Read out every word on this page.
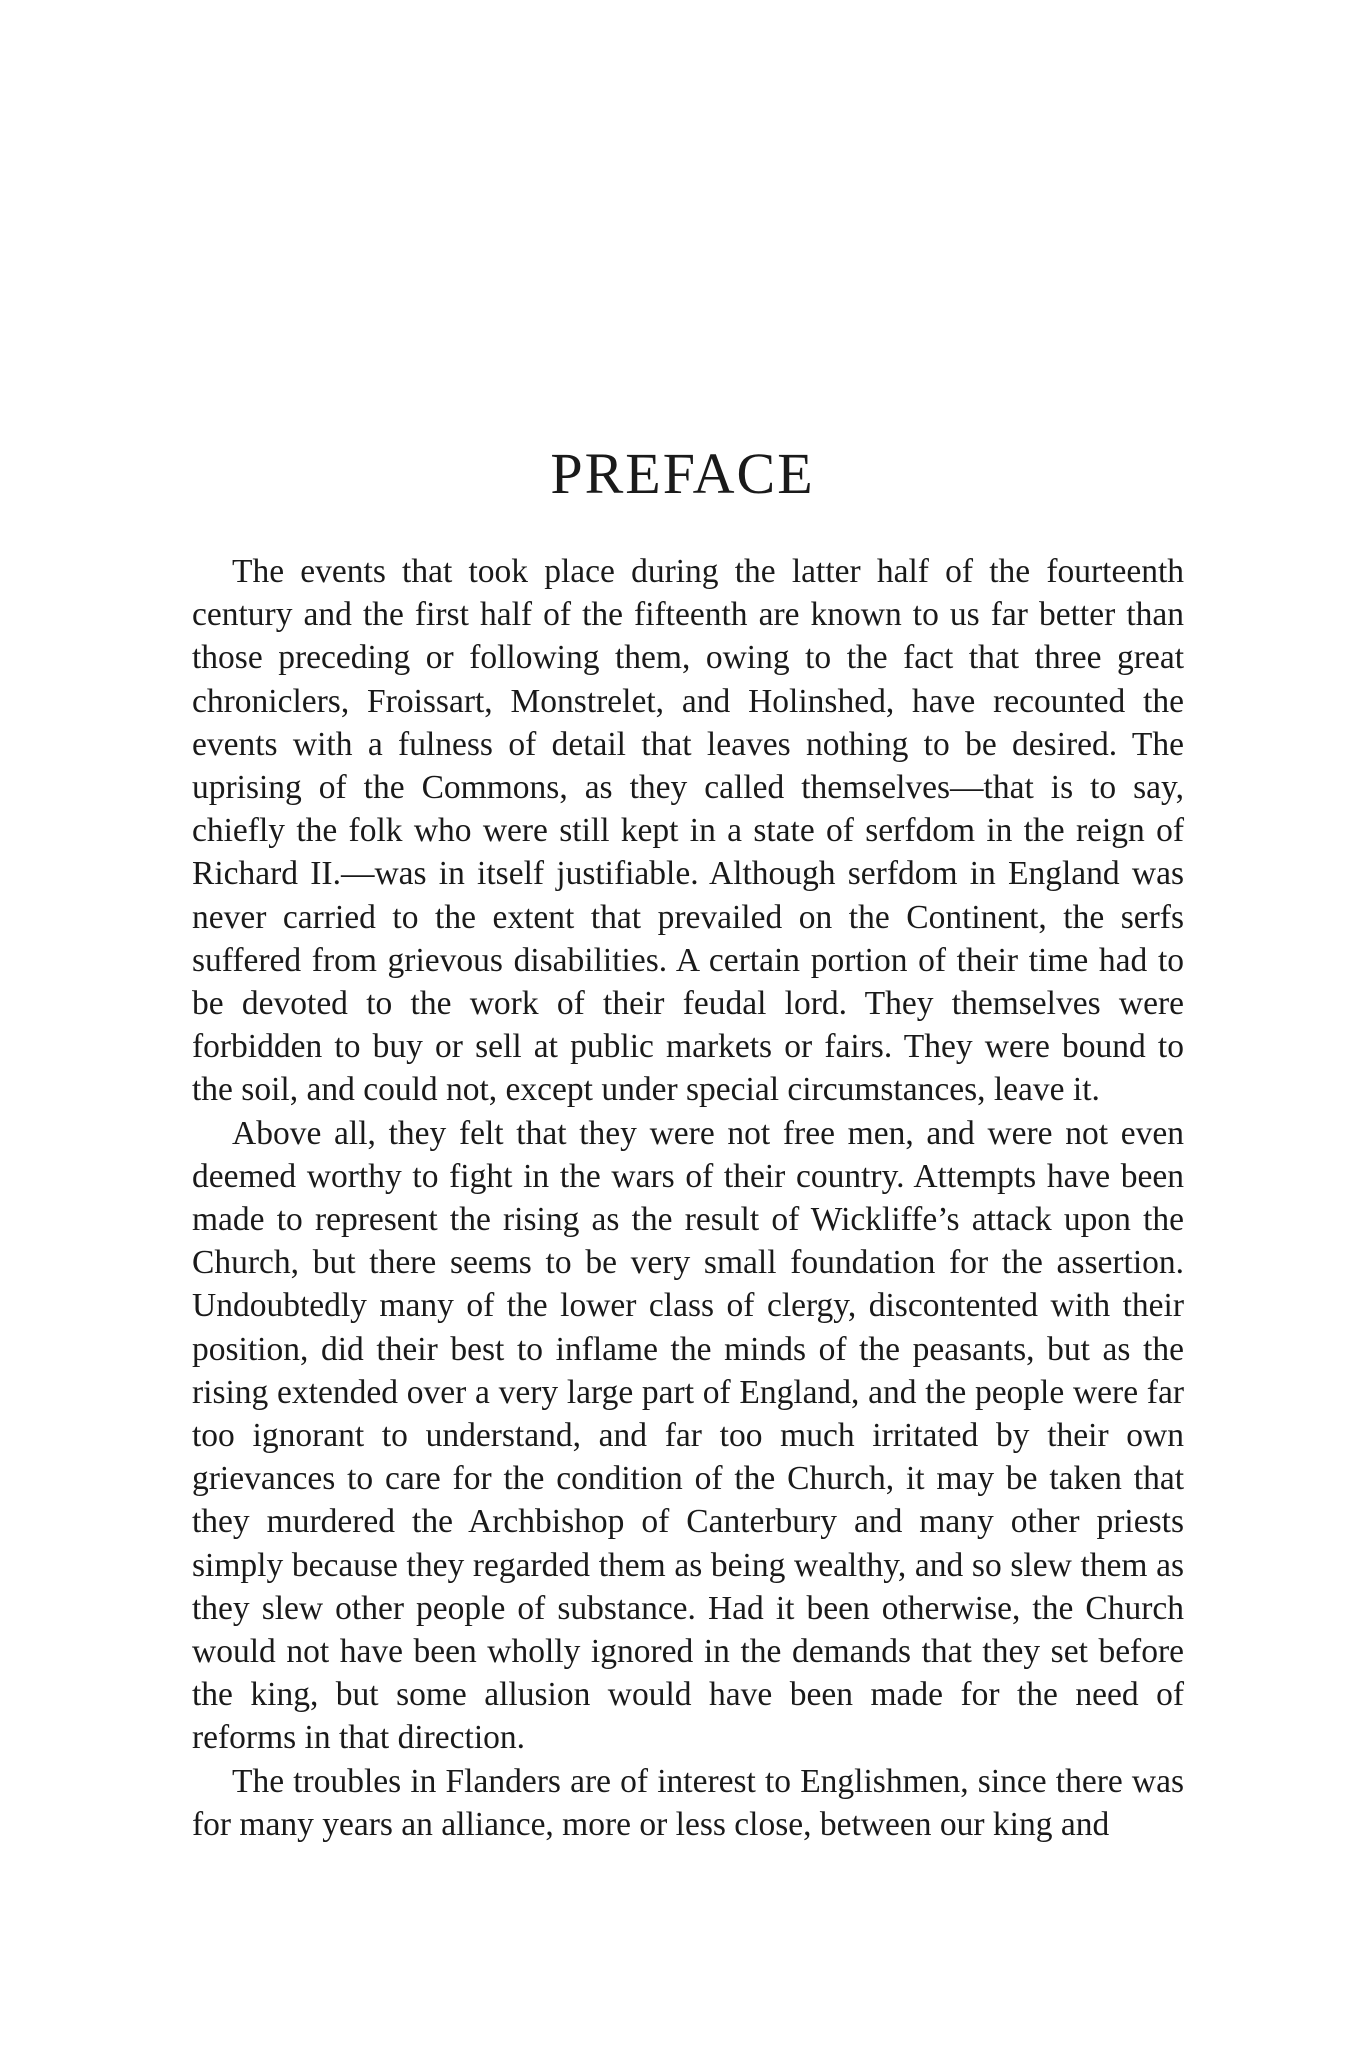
PREFACE

The events that took place during the latter half of the fourteenth century and the first half of the fifteenth are known to us far better than those preceding or following them, owing to the fact that three great chroniclers, Froissart, Monstrelet, and Holinshed, have recounted the events with a fulness of detail that leaves nothing to be desired. The uprising of the Commons, as they called themselves—that is to say, chiefly the folk who were still kept in a state of serfdom in the reign of Richard II.—was in itself justifiable. Although serfdom in England was never carried to the extent that prevailed on the Continent, the serfs suffered from grievous disabilities. A certain portion of their time had to be devoted to the work of their feudal lord. They themselves were forbidden to buy or sell at public markets or fairs. They were bound to the soil, and could not, except under special circumstances, leave it.

Above all, they felt that they were not free men, and were not even deemed worthy to fight in the wars of their country. Attempts have been made to represent the rising as the result of Wickliffe’s attack upon the Church, but there seems to be very small foundation for the assertion. Undoubtedly many of the lower class of clergy, discontented with their position, did their best to inflame the minds of the peasants, but as the rising extended over a very large part of England, and the people were far too ignorant to understand, and far too much irritated by their own grievances to care for the condition of the Church, it may be taken that they murdered the Archbishop of Canterbury and many other priests simply because they regarded them as being wealthy, and so slew them as they slew other people of substance. Had it been otherwise, the Church would not have been wholly ignored in the demands that they set before the king, but some allusion would have been made for the need of reforms in that direction.

The troubles in Flanders are of interest to Englishmen, since there was for many years an alliance, more or less close, between our king and
